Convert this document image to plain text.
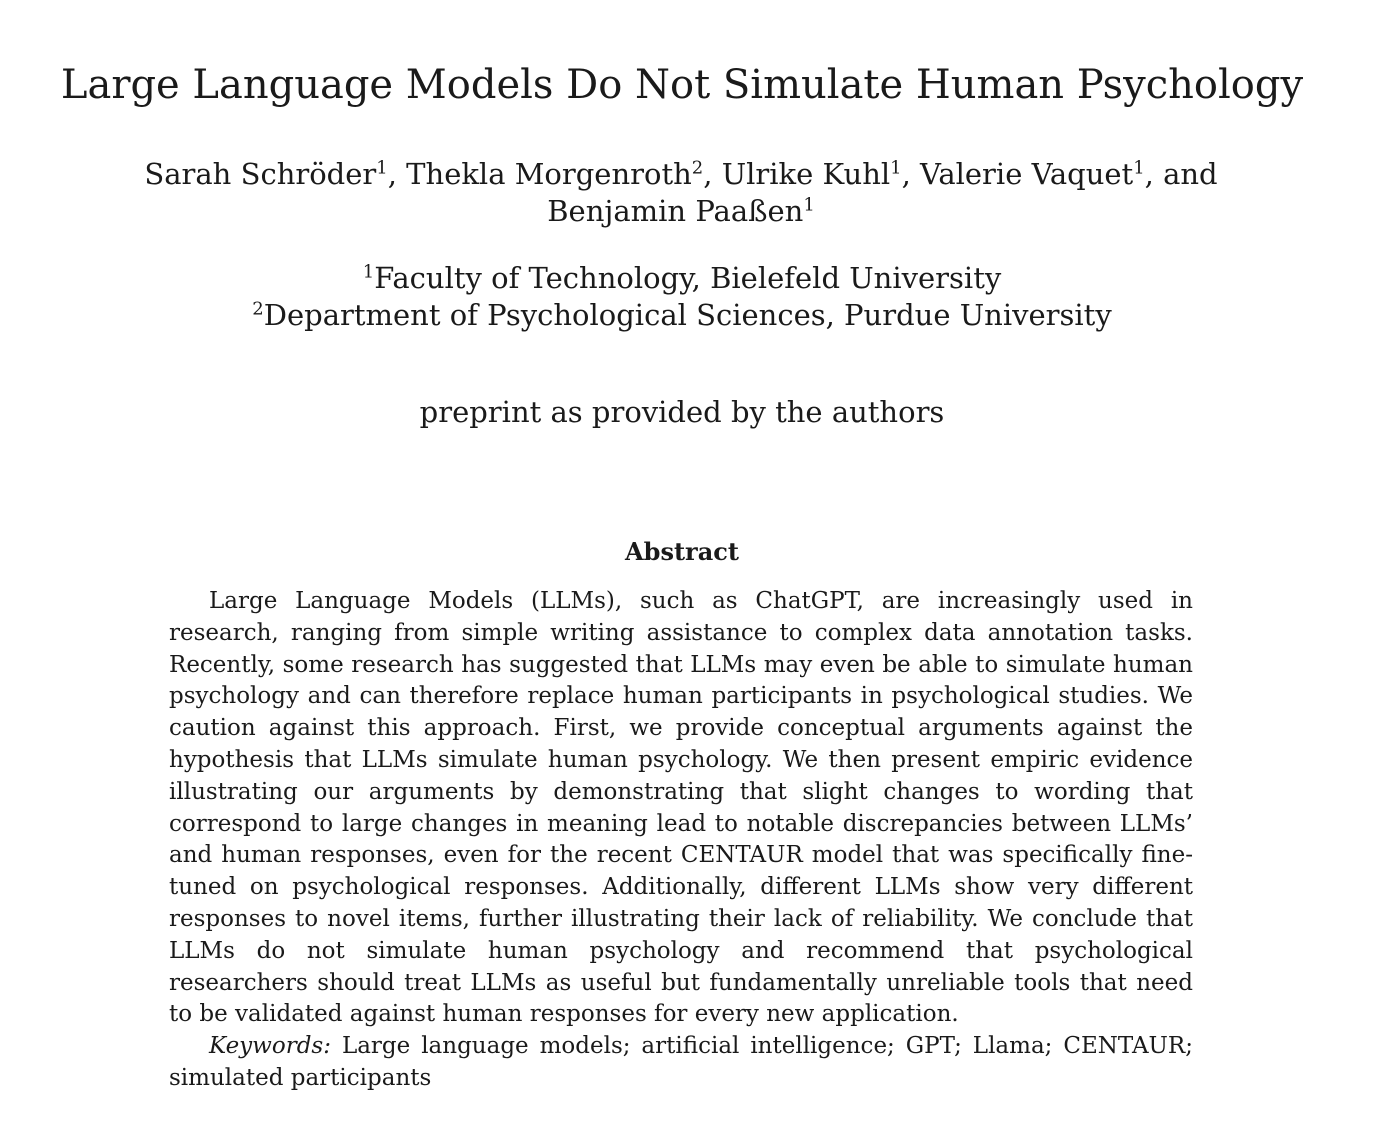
Large Language Models Do Not Simulate Human Psychology
Sarah Schröder$^1$, Thekla Morgenroth$^2$, Ulrike Kuhl$^1$, Valerie Vaquet$^1$, and Benjamin Paaßen$^1$
$^1$Faculty of Technology, Bielefeld University
$^2$Department of Psychological Sciences, Purdue University
preprint as provided by the authors
Abstract

Large Language Models (LLMs), such as ChatGPT, are increasingly used in research, ranging from simple writing assistance to complex data annotation tasks. Recently, some research has suggested that LLMs may even be able to simulate human psychology and can therefore replace human participants in psychological studies. We caution against this approach. First, we provide conceptual arguments against the hypothesis that LLMs simulate human psychology. We then present empiric evidence illustrating our arguments by demonstrating that slight changes to wording that correspond to large changes in meaning lead to notable discrepancies between LLMs’ and human responses, even for the recent CENTAUR model that was specifically fine-tuned on psychological responses. Additionally, different LLMs show very different responses to novel items, further illustrating their lack of reliability. We conclude that LLMs do not simulate human psychology and recommend that psychological researchers should treat LLMs as useful but fundamentally unreliable tools that need to be validated against human responses for every new application.

Keywords: Large language models; artificial intelligence; GPT; Llama; CENTAUR; simulated participants
